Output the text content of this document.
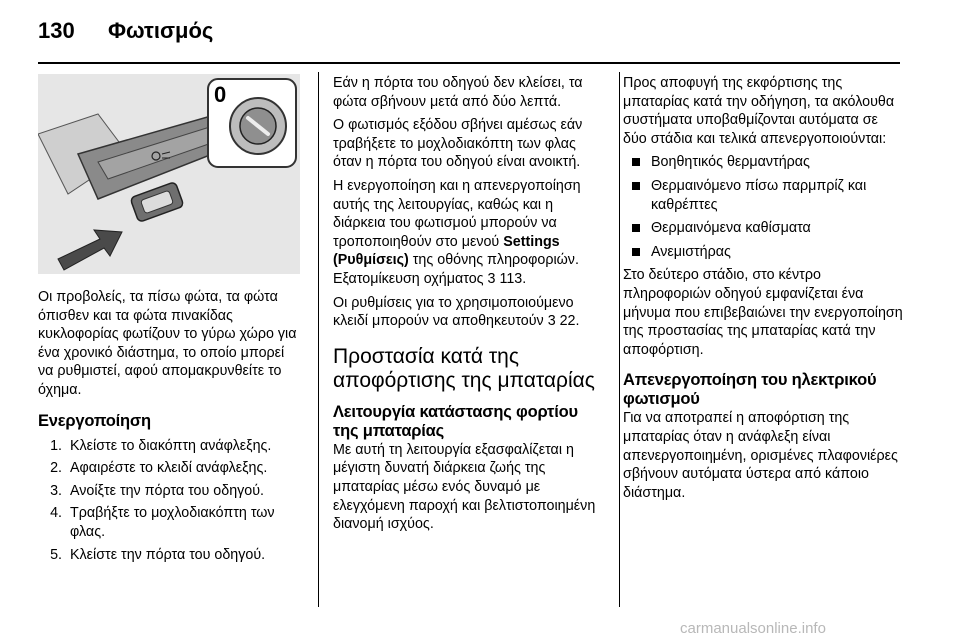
130 Φωτισμός
0

Οι προβολείς, τα πίσω φώτα, τα φώτα όπισθεν και τα φώτα πινακίδας κυκλοφορίας φωτίζουν το γύρω χώρο για ένα χρονικό διάστημα, το οποίο μπορεί να ρυθμιστεί, αφού απομακρυνθείτε το όχημα.

Ενεργοποίηση
1. Κλείστε το διακόπτη ανάφλεξης.
2. Αφαιρέστε το κλειδί ανάφλεξης.
3. Ανοίξτε την πόρτα του οδηγού.
4. Τραβήξτε το μοχλοδιακόπτη των φλας.
5. Κλείστε την πόρτα του οδηγού.

Εάν η πόρτα του οδηγού δεν κλείσει, τα φώτα σβήνουν μετά από δύο λεπτά.

Ο φωτισμός εξόδου σβήνει αμέσως εάν τραβήξετε το μοχλοδιακόπτη των φλας όταν η πόρτα του οδηγού είναι ανοικτή.

Η ενεργοποίηση και η απενεργοποίηση αυτής της λειτουργίας, καθώς και η διάρκεια του φωτισμού μπορούν να τροποποιηθούν στο μενού Settings (Ρυθμίσεις) της οθόνης πληροφοριών. Εξατομίκευση οχήματος 3 113.

Οι ρυθμίσεις για το χρησιμοποιούμενο κλειδί μπορούν να αποθηκευτούν 3 22.

Προστασία κατά της αποφόρτισης της μπαταρίας
Λειτουργία κατάστασης φορτίου της μπαταρίας

Με αυτή τη λειτουργία εξασφαλίζεται η μέγιστη δυνατή διάρκεια ζωής της μπαταρίας μέσω ενός δυναμό με ελεγχόμενη παροχή και βελτιστοποιημένη διανομή ισχύος.

Προς αποφυγή της εκφόρτισης της μπαταρίας κατά την οδήγηση, τα ακόλουθα συστήματα υποβαθμίζονται αυτόματα σε δύο στάδια και τελικά απενεργοποιούνται:

Βοηθητικός θερμαντήρας
Θερμαινόμενο πίσω παρμπρίζ και καθρέπτες
Θερμαινόμενα καθίσματα
Ανεμιστήρας

Στο δεύτερο στάδιο, στο κέντρο πληροφοριών οδηγού εμφανίζεται ένα μήνυμα που επιβεβαιώνει την ενεργοποίηση της προστασίας της μπαταρίας κατά την αποφόρτιση.

Απενεργοποίηση του ηλεκτρικού φωτισμού

Για να αποτραπεί η αποφόρτιση της μπαταρίας όταν η ανάφλεξη είναι απενεργοποιημένη, ορισμένες πλαφονιέρες σβήνουν αυτόματα ύστερα από κάποιο διάστημα.

carmanualsonline.info
